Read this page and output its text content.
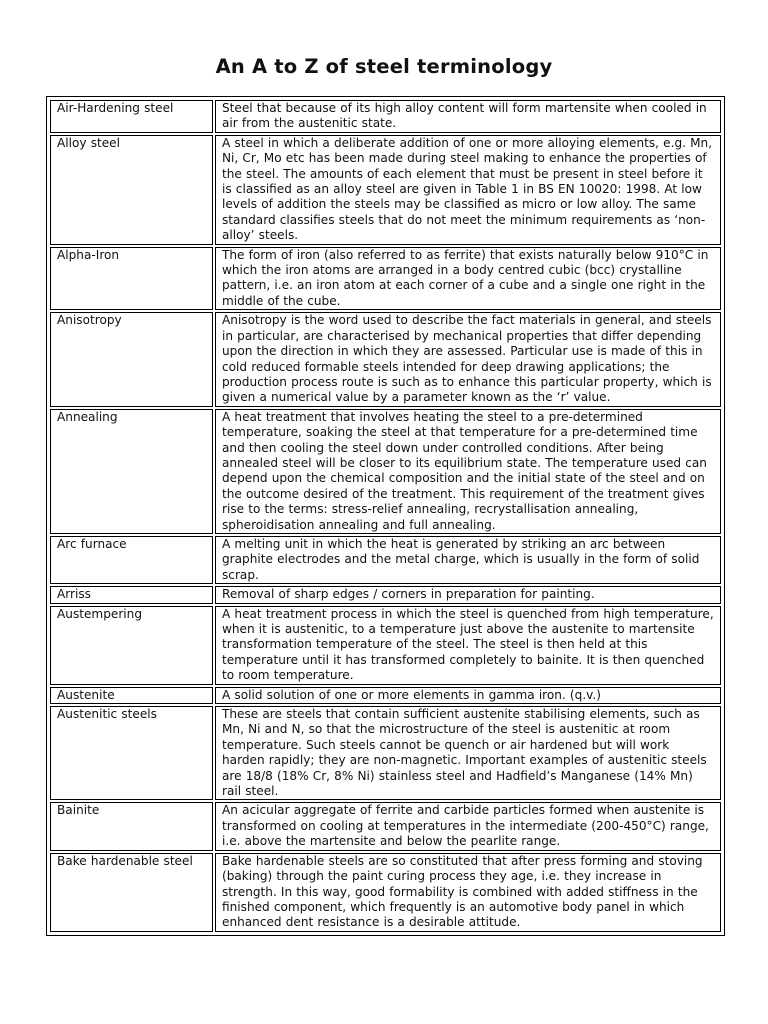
An A to Z of steel terminology
Air-Hardening steel	Steel that because of its high alloy content will form martensite when cooled in air from the austenitic state.
Alloy steel	A steel in which a deliberate addition of one or more alloying elements, e.g. Mn, Ni, Cr, Mo etc has been made during steel making to enhance the properties of the steel. The amounts of each element that must be present in steel before it is classified as an alloy steel are given in Table 1 in BS EN 10020: 1998. At low levels of addition the steels may be classified as micro or low alloy. The same standard classifies steels that do not meet the minimum requirements as ‘non-alloy’ steels.
Alpha-Iron	The form of iron (also referred to as ferrite) that exists naturally below 910°C in which the iron atoms are arranged in a body centred cubic (bcc) crystalline pattern, i.e. an iron atom at each corner of a cube and a single one right in the middle of the cube.
Anisotropy	Anisotropy is the word used to describe the fact materials in general, and steels in particular, are characterised by mechanical properties that differ depending upon the direction in which they are assessed. Particular use is made of this in cold reduced formable steels intended for deep drawing applications; the production process route is such as to enhance this particular property, which is given a numerical value by a parameter known as the ‘r’ value.
Annealing	A heat treatment that involves heating the steel to a pre-determined temperature, soaking the steel at that temperature for a pre-determined time and then cooling the steel down under controlled conditions. After being annealed steel will be closer to its equilibrium state. The temperature used can depend upon the chemical composition and the initial state of the steel and on the outcome desired of the treatment. This requirement of the treatment gives rise to the terms: stress-relief annealing, recrystallisation annealing, spheroidisation annealing and full annealing.
Arc furnace	A melting unit in which the heat is generated by striking an arc between graphite electrodes and the metal charge, which is usually in the form of solid scrap.
Arriss	Removal of sharp edges / corners in preparation for painting.
Austempering	A heat treatment process in which the steel is quenched from high temperature, when it is austenitic, to a temperature just above the austenite to martensite transformation temperature of the steel. The steel is then held at this temperature until it has transformed completely to bainite. It is then quenched to room temperature.
Austenite	A solid solution of one or more elements in gamma iron. (q.v.)
Austenitic steels	These are steels that contain sufficient austenite stabilising elements, such as Mn, Ni and N, so that the microstructure of the steel is austenitic at room temperature. Such steels cannot be quench or air hardened but will work harden rapidly; they are non-magnetic. Important examples of austenitic steels are 18/8 (18% Cr, 8% Ni) stainless steel and Hadfield’s Manganese (14% Mn) rail steel.
Bainite	An acicular aggregate of ferrite and carbide particles formed when austenite is transformed on cooling at temperatures in the intermediate (200-450°C) range, i.e. above the martensite and below the pearlite range.
Bake hardenable steel	Bake hardenable steels are so constituted that after press forming and stoving (baking) through the paint curing process they age, i.e. they increase in strength. In this way, good formability is combined with added stiffness in the finished component, which frequently is an automotive body panel in which enhanced dent resistance is a desirable attitude.
